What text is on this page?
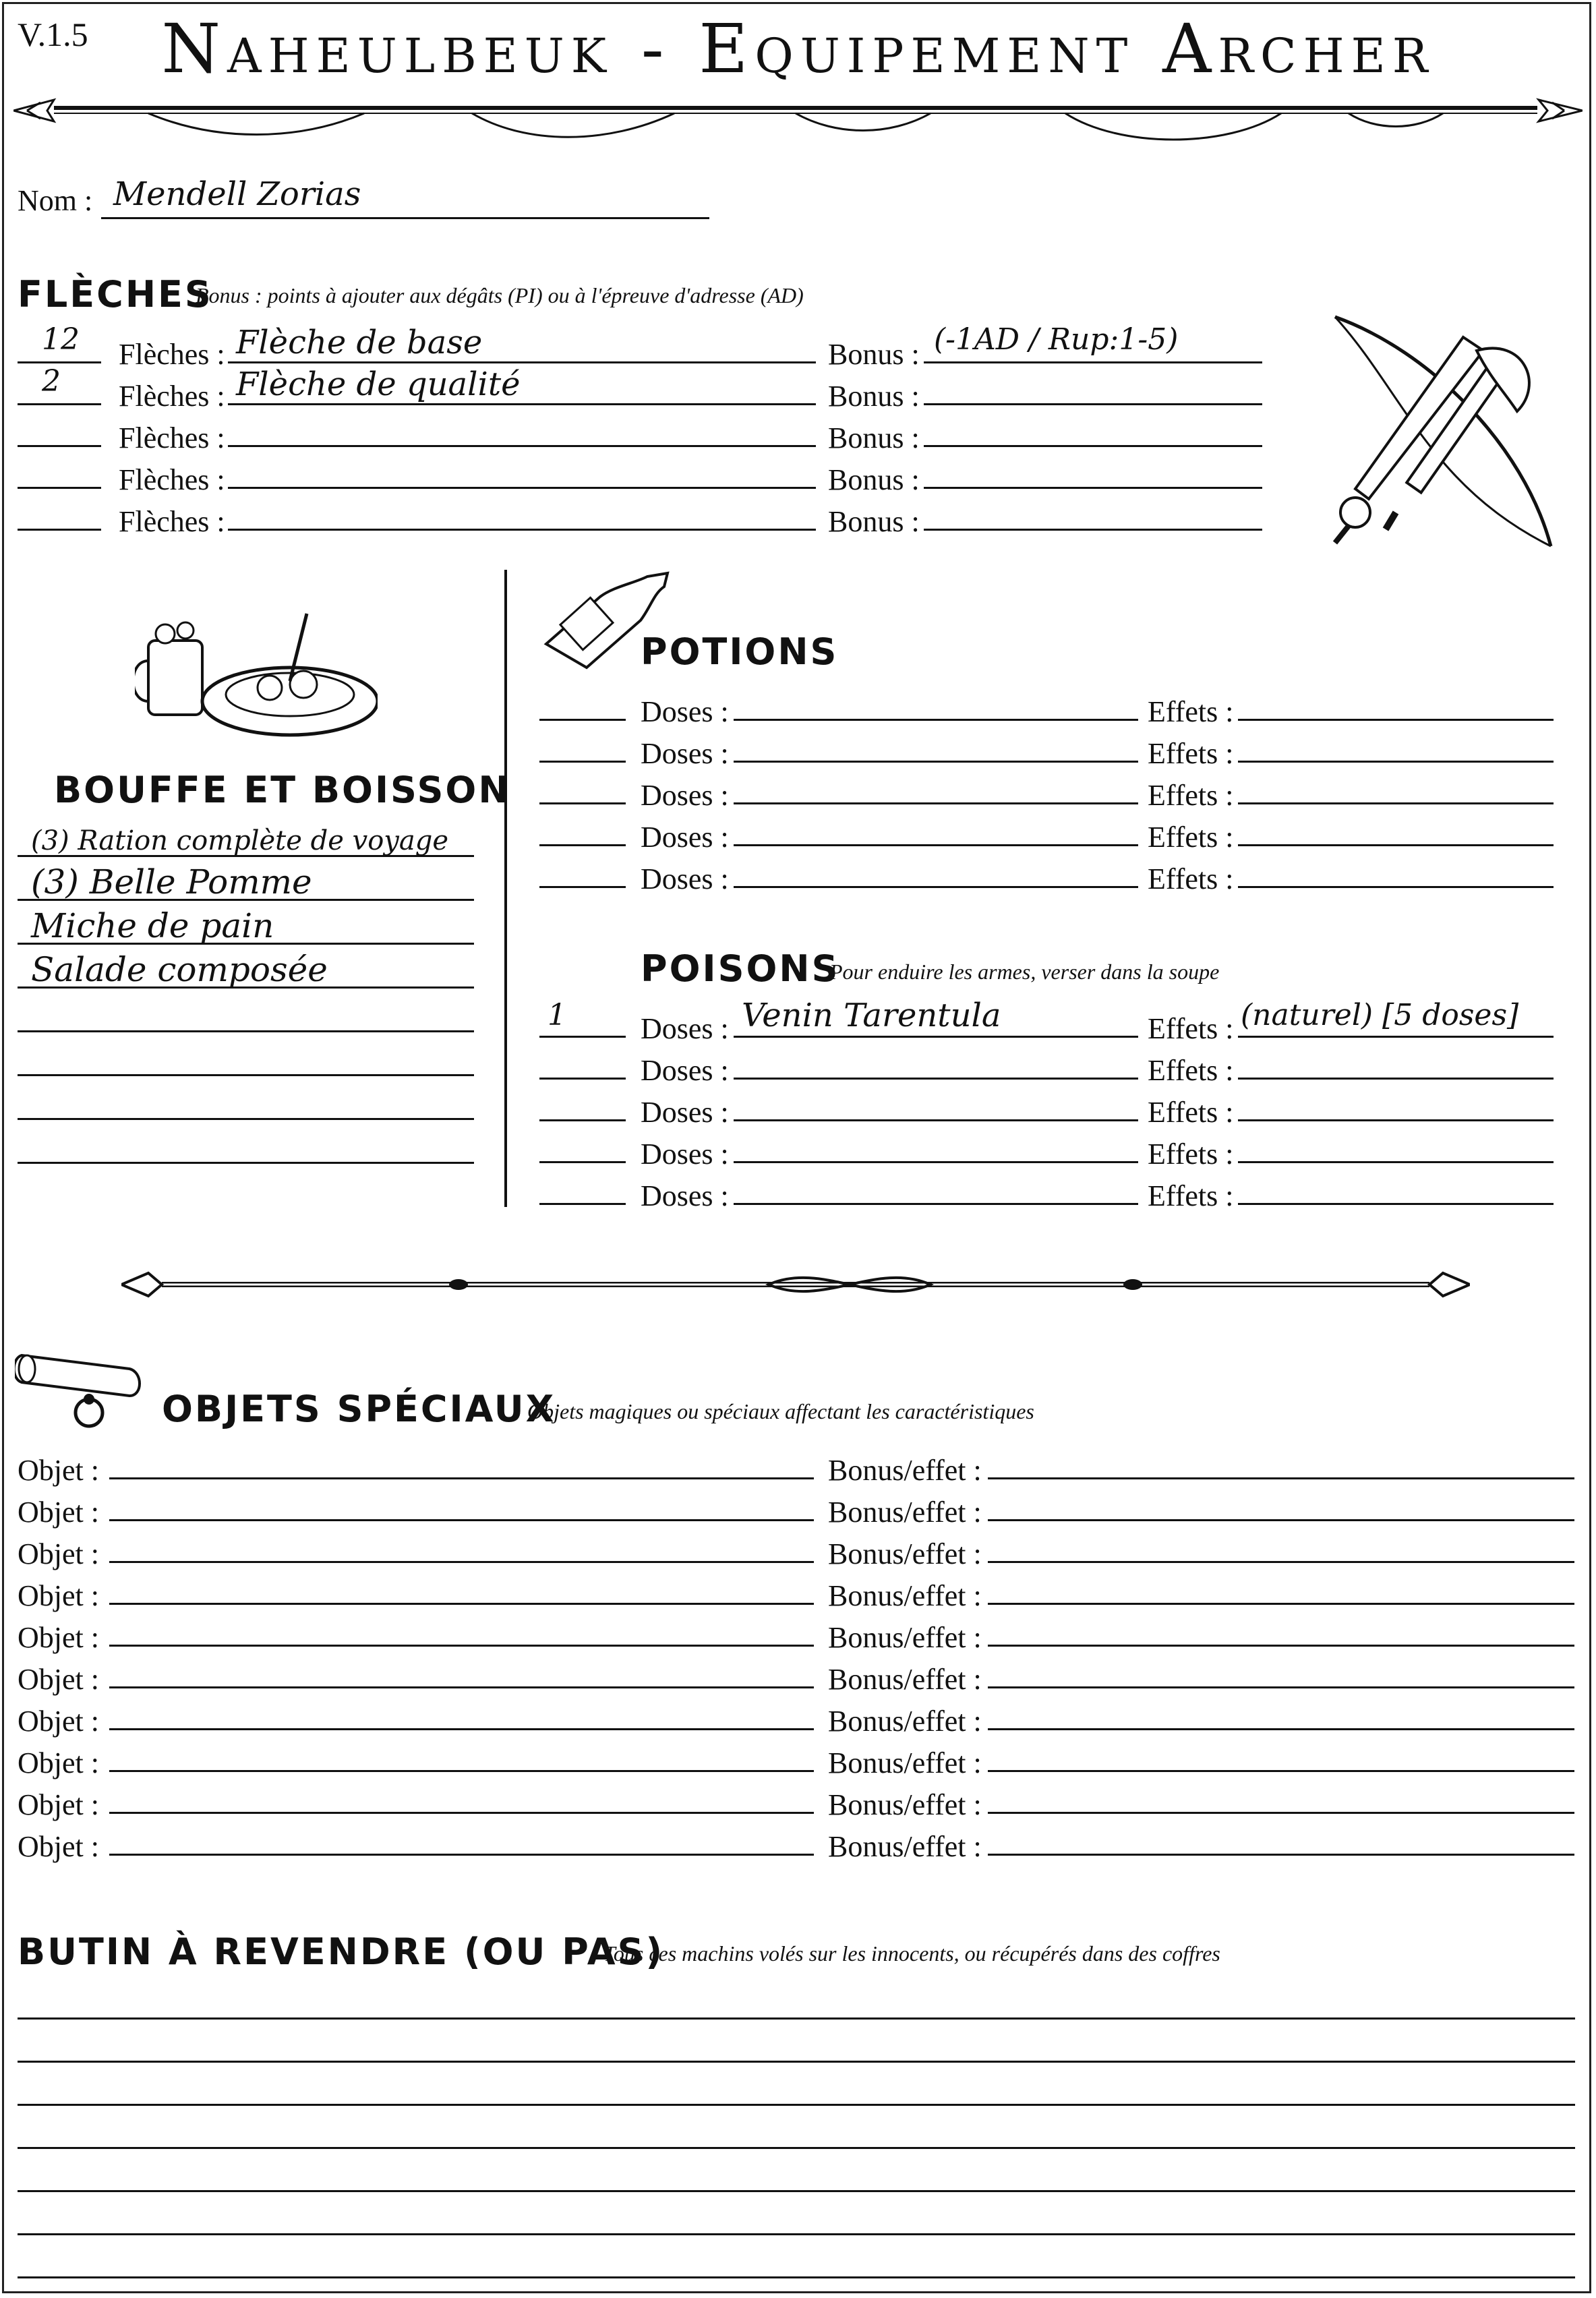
V.1.5	Naheulbeuk - Equipement Archer
Nom : Mendell Zorias
FLÈCHES
Bonus : points à ajouter aux dégâts (PI) ou à l'épreuve d'adresse (AD)
12 Flèches : Flèche de base	Bonus : (-1AD / Rup:1-5)
2 Flèches : Flèche de qualité	Bonus :
Flèches :	Bonus :
Flèches :	Bonus :
Flèches :	Bonus :
BOUFFE ET BOISSON
(3) Ration complète de voyage
(3) Belle Pomme
Miche de pain
Salade composée
POTIONS
Doses :	Effets :
Doses :	Effets :
Doses :	Effets :
Doses :	Effets :
Doses :	Effets :
POISONS
Pour enduire les armes, verser dans la soupe
1	Doses : Venin Tarentula	Effets : (naturel) [5 doses]
Doses :	Effets :
Doses :	Effets :
Doses :	Effets :
Doses :	Effets :
OBJETS SPÉCIAUX
Objets magiques ou spéciaux affectant les caractéristiques
Objet :	Bonus/effet :
Objet :	Bonus/effet :
Objet :	Bonus/effet :
Objet :	Bonus/effet :
Objet :	Bonus/effet :
Objet :	Bonus/effet :
Objet :	Bonus/effet :
Objet :	Bonus/effet :
Objet :	Bonus/effet :
Objet :	Bonus/effet :
BUTIN À REVENDRE (OU PAS)
Tous ces machins volés sur les innocents, ou récupérés dans des coffres
